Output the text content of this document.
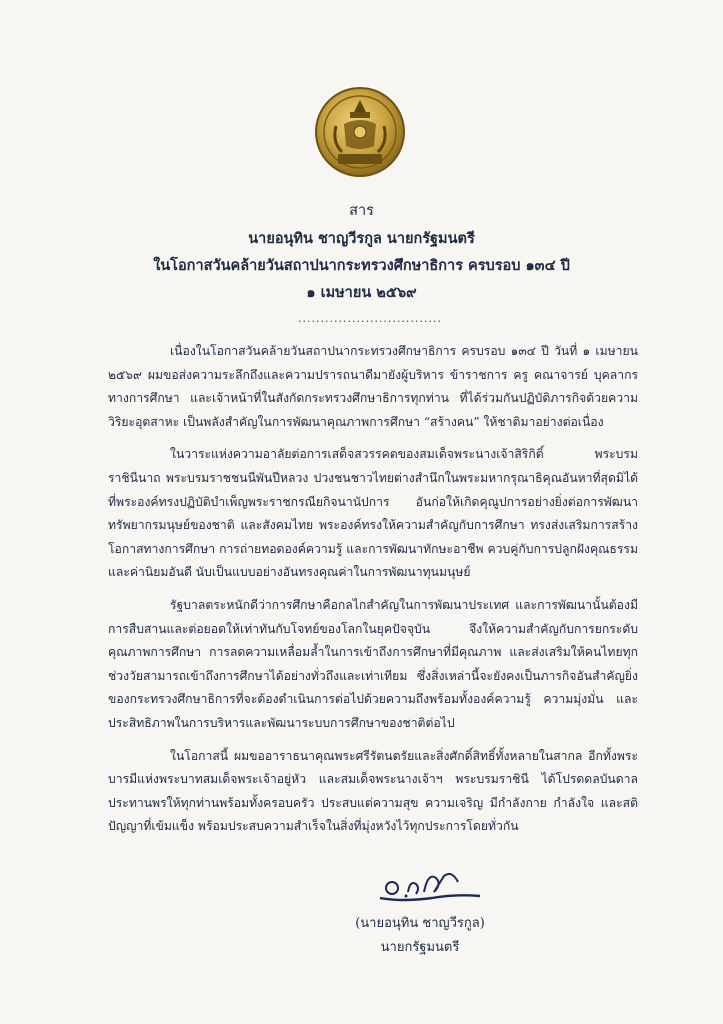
สาร
นายอนุทิน ชาญวีรกูล นายกรัฐมนตรี
ในโอกาสวันคล้ายวันสถาปนากระทรวงศึกษาธิการ ครบรอบ ๑๓๔ ปี
๑ เมษายน ๒๕๖๙
................................

เนื่องในโอกาสวันคล้ายวันสถาปนากระทรวงศึกษาธิการ ครบรอบ ๑๓๔ ปี วันที่ ๑ เมษายน ๒๕๖๙ ผมขอส่งความระลึกถึงและความปรารถนาดีมายังผู้บริหาร ข้าราชการ ครู คณาจารย์ บุคลากรทางการศึกษา และเจ้าหน้าที่ในสังกัดกระทรวงศึกษาธิการทุกท่าน ที่ได้ร่วมกันปฏิบัติภารกิจด้วยความวิริยะอุตสาหะ เป็นพลังสำคัญในการพัฒนาคุณภาพการศึกษา “สร้างคน” ให้ชาติมาอย่างต่อเนื่อง

ในวาระแห่งความอาลัยต่อการเสด็จสวรรคตของสมเด็จพระนางเจ้าสิริกิติ์ พระบรมราชินีนาถ พระบรมราชชนนีพันปีหลวง ปวงชนชาวไทยต่างสำนึกในพระมหากรุณาธิคุณอันหาที่สุดมิได้ ที่พระองค์ทรงปฏิบัติบำเพ็ญพระราชกรณียกิจนานัปการ อันก่อให้เกิดคุณูปการอย่างยิ่งต่อการพัฒนาทรัพยากรมนุษย์ของชาติ และสังคมไทย พระองค์ทรงให้ความสำคัญกับการศึกษา ทรงส่งเสริมการสร้างโอกาสทางการศึกษา การถ่ายทอดองค์ความรู้ และการพัฒนาทักษะอาชีพ ควบคู่กับการปลูกฝังคุณธรรมและค่านิยมอันดี นับเป็นแบบอย่างอันทรงคุณค่าในการพัฒนาทุนมนุษย์

รัฐบาลตระหนักดีว่าการศึกษาคือกลไกสำคัญในการพัฒนาประเทศ และการพัฒนานั้นต้องมีการสืบสานและต่อยอดให้เท่าทันกับโจทย์ของโลกในยุคปัจจุบัน จึงให้ความสำคัญกับการยกระดับคุณภาพการศึกษา การลดความเหลื่อมล้ำในการเข้าถึงการศึกษาที่มีคุณภาพ และส่งเสริมให้คนไทยทุกช่วงวัยสามารถเข้าถึงการศึกษาได้อย่างทั่วถึงและเท่าเทียม ซึ่งสิ่งเหล่านี้จะยังคงเป็นภารกิจอันสำคัญยิ่งของกระทรวงศึกษาธิการที่จะต้องดำเนินการต่อไปด้วยความถึงพร้อมทั้งองค์ความรู้ ความมุ่งมั่น และประสิทธิภาพในการบริหารและพัฒนาระบบการศึกษาของชาติต่อไป

ในโอกาสนี้ ผมขออาราธนาคุณพระศรีรัตนตรัยและสิ่งศักดิ์สิทธิ์ทั้งหลายในสากล อีกทั้งพระบารมีแห่งพระบาทสมเด็จพระเจ้าอยู่หัว และสมเด็จพระนางเจ้าฯ พระบรมราชินี ได้โปรดดลบันดาลประทานพรให้ทุกท่านพร้อมทั้งครอบครัว ประสบแต่ความสุข ความเจริญ มีกำลังกาย กำลังใจ และสติปัญญาที่เข้มแข็ง พร้อมประสบความสำเร็จในสิ่งที่มุ่งหวังไว้ทุกประการโดยทั่วกัน

(นายอนุทิน ชาญวีรกูล)
นายกรัฐมนตรี
